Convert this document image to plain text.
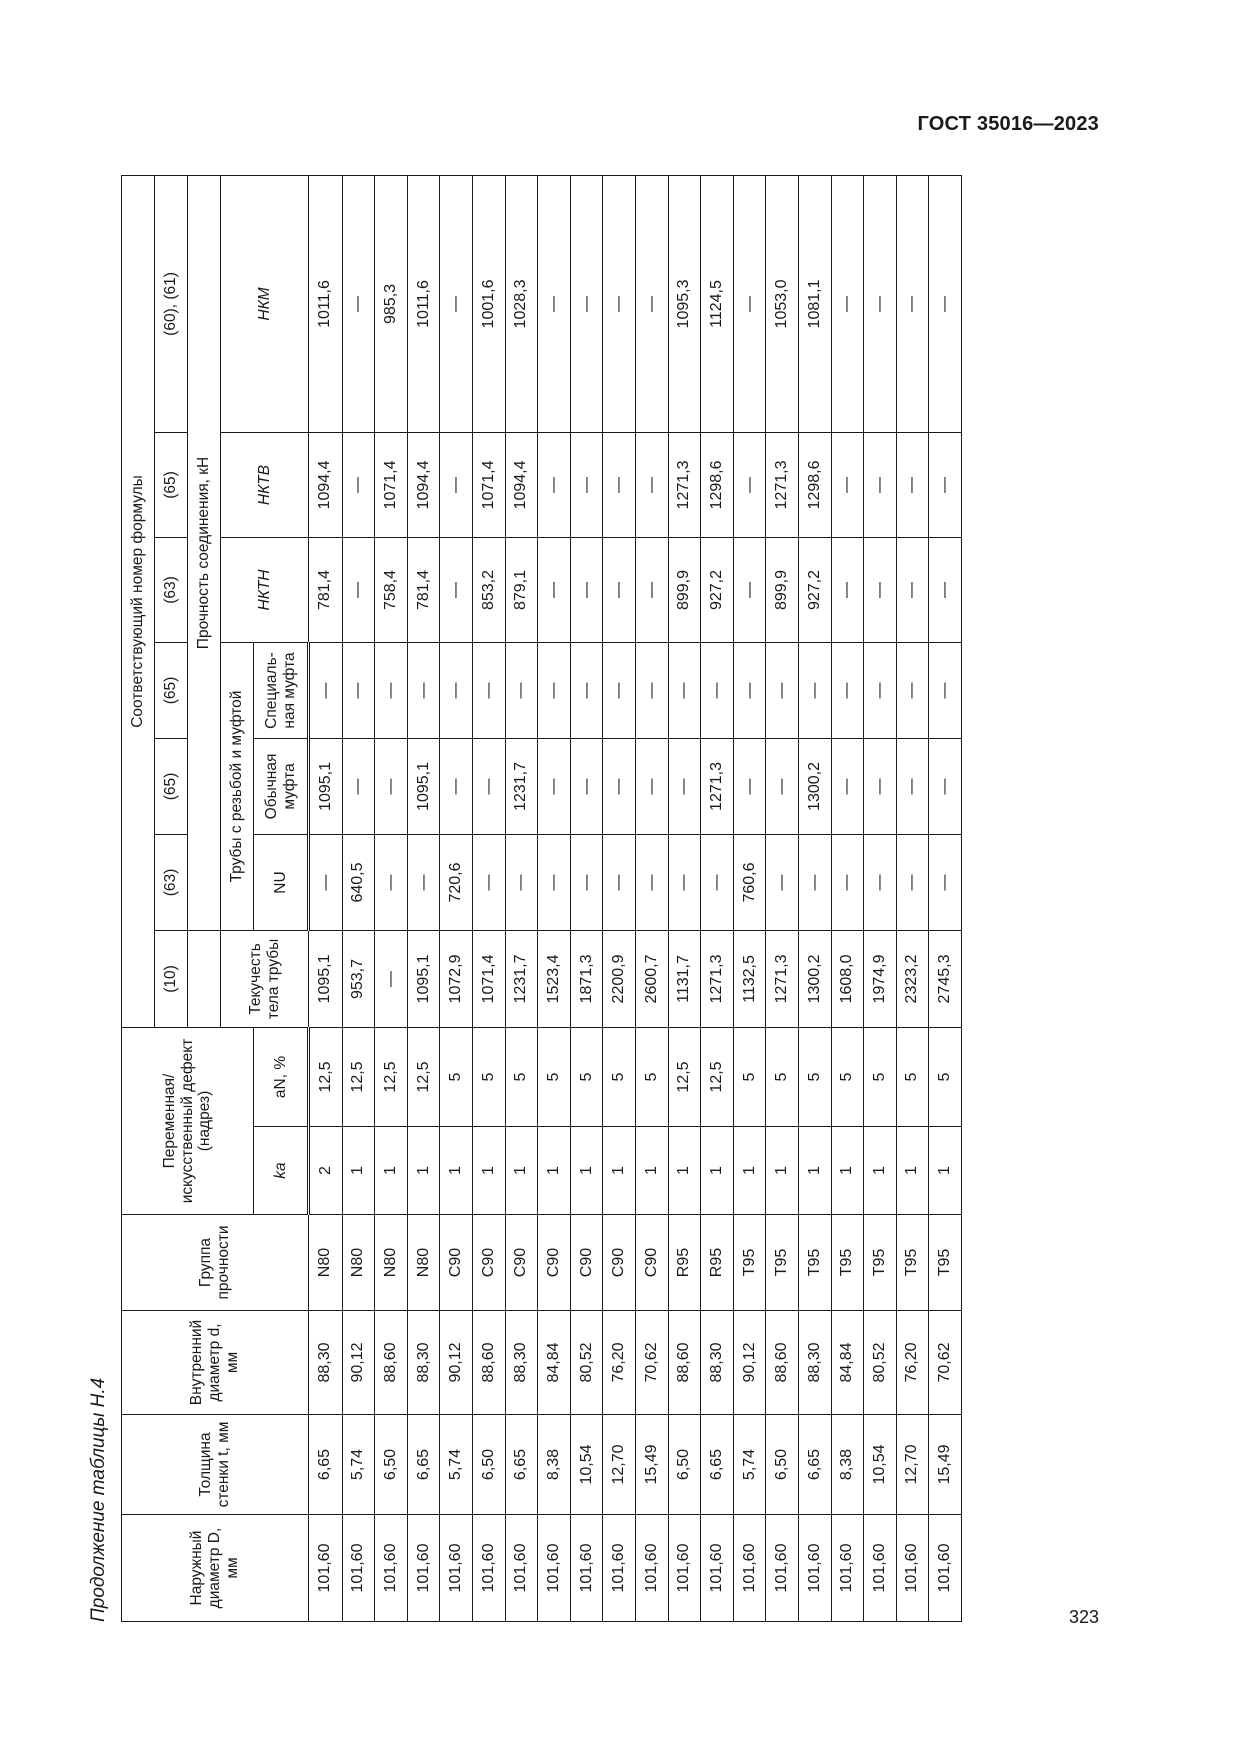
ГОСТ 35016—2023
Продолжение таблицы Н.4	Наружный диаметр D, мм	Толщина стенки t, мм	Внутренний диаметр d, мм	Группа прочности	Переменная/ искусственный дефект (надрез)		Соответствующий номер формулы						
						(10)	(63)	(65)	(65)	(63)	(65)	(60), (61)
							Прочность соединения, кН					
						Текучесть тела трубы	Трубы с резьбой и муфтой			НКТН	НКТВ	НКМ
				ka	aN, %		NU	Обычная муфта	Специаль-ная муфта			
101,60	6,65	88,30	N80	2	12,5	1095,1	—	1095,1	—	781,4	1094,4	1011,6
101,60	5,74	90,12	N80	1	12,5	953,7	640,5	—	—	—	—	—
101,60	6,50	88,60	N80	1	12,5	—	—	—	—	758,4	1071,4	985,3
101,60	6,65	88,30	N80	1	12,5	1095,1	—	1095,1	—	781,4	1094,4	1011,6
101,60	5,74	90,12	C90	1	5	1072,9	720,6	—	—	—	—	—
101,60	6,50	88,60	C90	1	5	1071,4	—	—	—	853,2	1071,4	1001,6
101,60	6,65	88,30	C90	1	5	1231,7	—	1231,7	—	879,1	1094,4	1028,3
101,60	8,38	84,84	C90	1	5	1523,4	—	—	—	—	—	—
101,60	10,54	80,52	C90	1	5	1871,3	—	—	—	—	—	—
101,60	12,70	76,20	C90	1	5	2200,9	—	—	—	—	—	—
101,60	15,49	70,62	C90	1	5	2600,7	—	—	—	—	—	—
101,60	6,50	88,60	R95	1	12,5	1131,7	—	—	—	899,9	1271,3	1095,3
101,60	6,65	88,30	R95	1	12,5	1271,3	—	1271,3	—	927,2	1298,6	1124,5
101,60	5,74	90,12	T95	1	5	1132,5	760,6	—	—	—	—	—
101,60	6,50	88,60	T95	1	5	1271,3	—	—	—	899,9	1271,3	1053,0
101,60	6,65	88,30	T95	1	5	1300,2	—	1300,2	—	927,2	1298,6	1081,1
101,60	8,38	84,84	T95	1	5	1608,0	—	—	—	—	—	—
101,60	10,54	80,52	T95	1	5	1974,9	—	—	—	—	—	—
101,60	12,70	76,20	T95	1	5	2323,2	—	—	—	—	—	—
101,60	15,49	70,62	T95	1	5	2745,3	—	—	—	—	—	—
323
